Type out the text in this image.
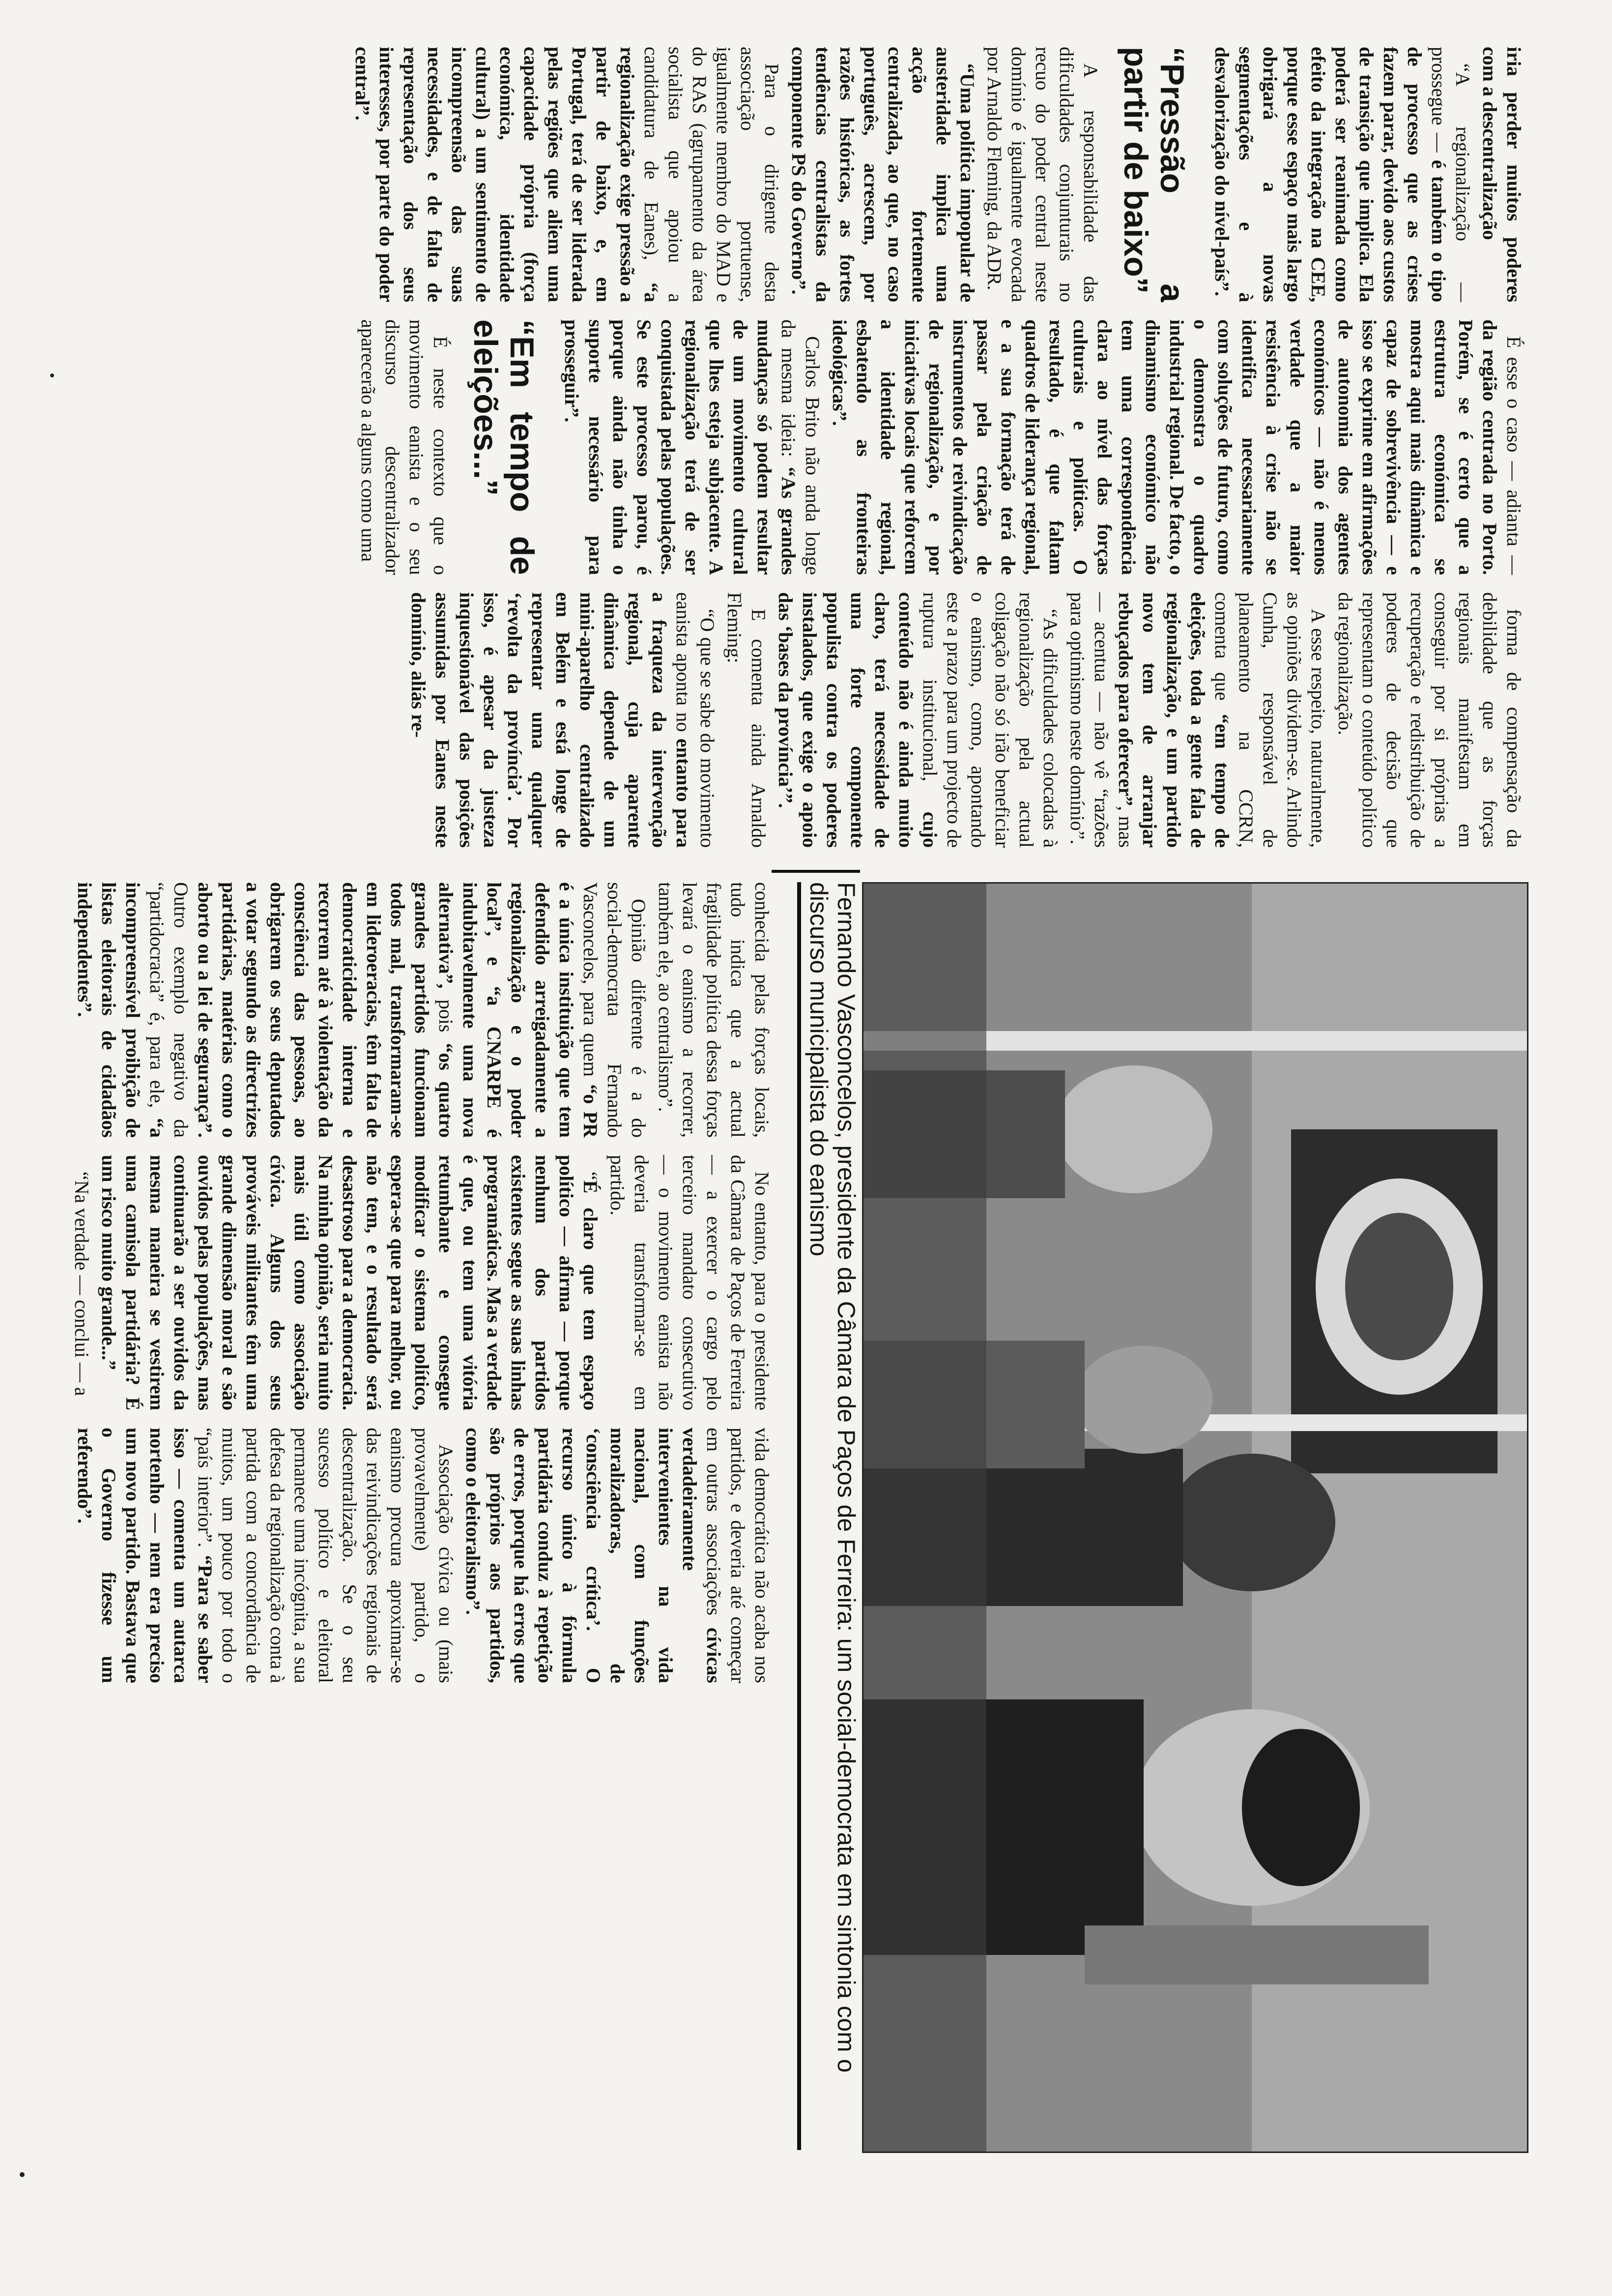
iria perder muitos poderes com a descentralização

“A regionalização — prossegue — é também o tipo de processo que as crises fazem parar, devido aos custos de transição que implica. Ela poderá ser reanimada como efeito da integração na CEE, porque esse espaço mais largo obrigará a novas segmentações e à desvalorização do nível-país”.

“Pressão a partir de baixo”

A responsabilidade das dificuldades conjunturais no recuo do poder central neste domínio é igualmente evocada por Arnaldo Fleming, da ADR.

“Uma política impopular de austeridade implica uma acção fortemente centralizada, ao que, no caso português, acrescem, por razões históricas, as fortes tendências centralistas da componente PS do Governo”.

Para o dirigente desta associação portuense, igualmente membro do MAD e do RAS (agrupamento da área socialista que apoiou a candidatura de Eanes), “a regionalização exige pressão a partir de baixo, e, em Portugal, terá de ser liderada pelas regiões que aliem uma capacidade própria (força económica, identidade cultural) a um sentimento de incompreensão das suas necessidades, e de falta de representação dos seus interesses, por parte do poder central”.

É esse o caso — adianta — da região centrada no Porto. Porém, se é certo que a estrutura económica se mostra aqui mais dinâmica e capaz de sobrevivência — e isso se exprime em afirmações de autonomia dos agentes económicos — não é menos verdade que a maior resistência à crise não se identifica necessariamente com soluções de futuro, como o demonstra o quadro industrial regional. De facto, o dinamismo económico não tem uma correspondência clara ao nível das forças culturais e políticas. O resultado, é que faltam quadros de liderança regional, e a sua formação terá de passar pela criação de instrumentos de reivindicação de regionalização, e por iniciativas locais que reforcem a identidade regional, esbatendo as fronteiras ideológicas”.

Carlos Brito não anda longe da mesma ideia: “As grandes mudanças só podem resultar de um movimento cultural que lhes esteja subjacente. A regionalização terá de ser conquistada pelas populações. Se este processo parou, é porque ainda não tinha o suporte necessário para prosseguir”.

“Em tempo de eleições...”

É neste contexto que o movimento eanista e o seu discurso descentralizador aparecerão a alguns como uma

forma de compensação da debilidade que as forças regionais manifestam em conseguir por si próprias a recuperação e redistribuição de poderes de decisão que representam o conteúdo político da regionalização.

A esse respeito, naturalmente, as opiniões dividem-se. Arlindo Cunha, responsável de planeamento na CCRN, comenta que “em tempo de eleições, toda a gente fala de regionalização, e um partido novo tem de arranjar rebuçados para oferecer”, mas — acentua — não vê “razões para optimismo neste domínio”.

“As dificuldades colocadas à regionalização pela actual coligação não só irão beneficiar o eanismo, como, apontando este a prazo para um projecto de ruptura institucional, cujo conteúdo não é ainda muito claro, terá necessidade de uma forte componente populista contra os poderes instalados, que exige o apoio das ‘bases da província’”.

E comenta ainda Arnaldo Fleming:

“O que se sabe do movimento eanista aponta no entanto para a fraqueza da intervenção regional, cuja aparente dinâmica depende de um mini-aparelho centralizado em Belém e está longe de representar uma qualquer ‘revolta da província’. Por isso, é apesar da justeza inquestionável das posições assumidas por Eanes neste domínio, aliás re-

Fernando Vasconcelos, presidente da Câmara de Paços de Ferreira: um social-democrata em sintonia com o discurso municipalista do eanismo

conhecida pelas forças locais, tudo indica que a actual fragilidade política dessa forças levará o eanismo a recorrer, também ele, ao centralismo”.

Opinião diferente é a do social-democrata Fernando Vasconcelos, para quem “o PR é a única instituição que tem defendido arreigadamente a regionalização e o poder local”, e “a CNARPE é indubitavelmente uma nova alternativa”, pois “os quatro grandes partidos funcionam todos mal, transformaram-se em lideroeracias, têm falta de democraticidade interna e recorrem até à violentação da consciência das pessoas, ao obrigarem os seus deputados a votar segundo as directrizes partidárias, matérias como o aborto ou a lei de segurança”. Outro exemplo negativo da “partidocracia” é, para ele, “a incompreensível proibição de listas eleitorais de cidadãos independentes”.

No entanto, para o presidente da Câmara de Paços de Ferreira — a exercer o cargo pelo terceiro mandato consecutivo — o movimento eanista não deveria transformar-se em partido.

“É claro que tem espaço político — afirma — porque nenhum dos partidos existentes segue as suas linhas programáticas. Mas a verdade é que, ou tem uma vitória retumbante e consegue modificar o sistema político, espera-se que para melhor, ou não tem, e o resultado será desastroso para a democracia. Na minha opinião, seria muito mais útil como associação cívica. Alguns dos seus prováveis militantes têm uma grande dimensão moral e são ouvidos pelas populações, mas continuarão a ser ouvidos da mesma maneira se vestirem uma camisola partidária? É um risco muito grande...”

“Na verdade — conclui — a

vida democrática não acaba nos partidos, e deveria até começar em outras associações cívicas verdadeiramente intervenientes na vida nacional, com funções moralizadoras, de ‘consciência crítica’. O recurso único à fórmula partidária conduz à repetição de erros, porque há erros que são próprios aos partidos, como o eleitoralismo”.

Associação cívica ou (mais provavelmente) partido, o eanismo procura aproximar-se das reivindicações regionais de descentralização. Se o seu sucesso político e eleitoral permanece uma incógnita, a sua defesa da regionalização conta à partida com a concordância de muitos, um pouco por todo o “país interior”. “Para se saber isso — comenta um autarca nortenho — nem era preciso um novo partido. Bastava que o Governo fizesse um referendo”.
